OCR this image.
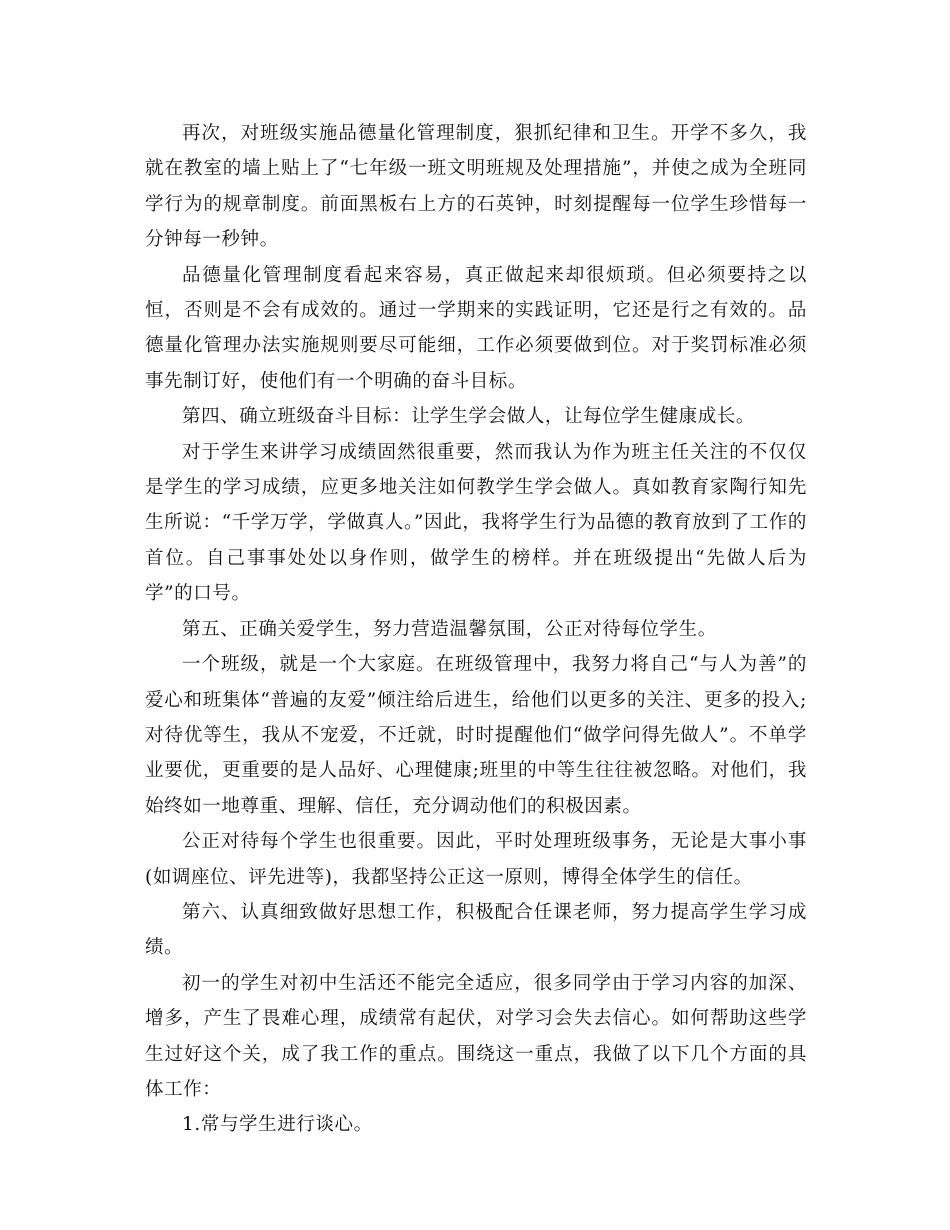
再次，对班级实施品德量化管理制度，狠抓纪律和卫生。开学不多久，我就在教室的墙上贴上了“七年级一班文明班规及处理措施”，并使之成为全班同学行为的规章制度。前面黑板右上方的石英钟，时刻提醒每一位学生珍惜每一分钟每一秒钟。

品德量化管理制度看起来容易，真正做起来却很烦琐。但必须要持之以恒，否则是不会有成效的。通过一学期来的实践证明，它还是行之有效的。品德量化管理办法实施规则要尽可能细，工作必须要做到位。对于奖罚标准必须事先制订好，使他们有一个明确的奋斗目标。

第四、确立班级奋斗目标：让学生学会做人，让每位学生健康成长。

对于学生来讲学习成绩固然很重要，然而我认为作为班主任关注的不仅仅是学生的学习成绩，应更多地关注如何教学生学会做人。真如教育家陶行知先生所说：“千学万学，学做真人。”因此，我将学生行为品德的教育放到了工作的首位。自己事事处处以身作则，做学生的榜样。并在班级提出“先做人后为学”的口号。

第五、正确关爱学生，努力营造温馨氛围，公正对待每位学生。

一个班级，就是一个大家庭。在班级管理中，我努力将自己“与人为善”的爱心和班集体“普遍的友爱”倾注给后进生，给他们以更多的关注、更多的投入;对待优等生，我从不宠爱，不迁就，时时提醒他们“做学问得先做人”。不单学业要优，更重要的是人品好、心理健康;班里的中等生往往被忽略。对他们，我始终如一地尊重、理解、信任，充分调动他们的积极因素。

公正对待每个学生也很重要。因此，平时处理班级事务，无论是大事小事(如调座位、评先进等)，我都坚持公正这一原则，博得全体学生的信任。

第六、认真细致做好思想工作，积极配合任课老师，努力提高学生学习成绩。

初一的学生对初中生活还不能完全适应，很多同学由于学习内容的加深、增多，产生了畏难心理，成绩常有起伏，对学习会失去信心。如何帮助这些学生过好这个关，成了我工作的重点。围绕这一重点，我做了以下几个方面的具体工作：

1.常与学生进行谈心。
